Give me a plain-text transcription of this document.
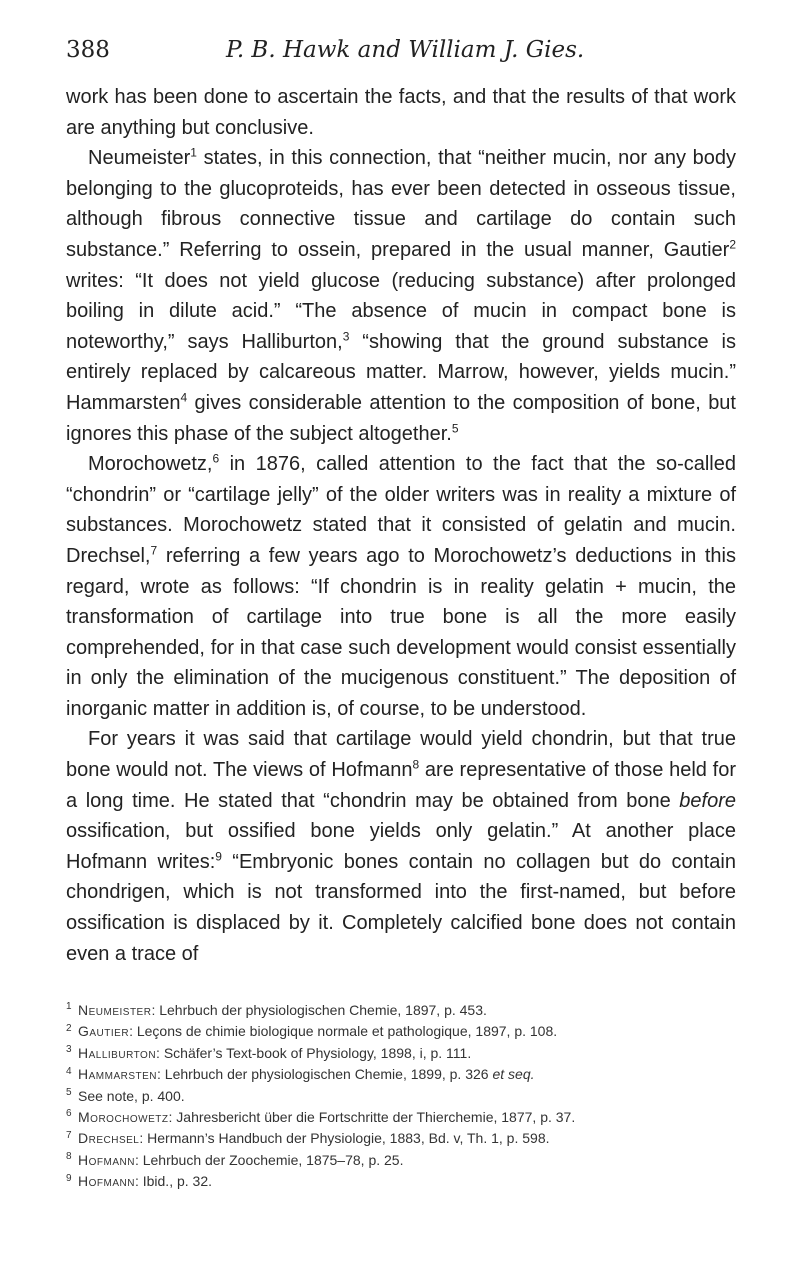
388	P. B. Hawk and William J. Gies.

work has been done to ascertain the facts, and that the results of that work are anything but conclusive.

Neumeister$^1$ states, in this connection, that “neither mucin, nor any body belonging to the glucoproteids, has ever been detected in osseous tissue, although fibrous connective tissue and cartilage do contain such substance.” Referring to ossein, prepared in the usual manner, Gautier$^2$ writes: “It does not yield glucose (reducing substance) after prolonged boiling in dilute acid.” “The absence of mucin in compact bone is noteworthy,” says Halliburton,$^3$ “showing that the ground substance is entirely replaced by calcareous matter. Marrow, however, yields mucin.” Hammarsten$^4$ gives considerable attention to the composition of bone, but ignores this phase of the subject altogether.$^5$

Morochowetz,$^6$ in 1876, called attention to the fact that the so-called “chondrin” or “cartilage jelly” of the older writers was in reality a mixture of substances. Morochowetz stated that it consisted of gelatin and mucin. Drechsel,$^7$ referring a few years ago to Morochowetz’s deductions in this regard, wrote as follows: “If chondrin is in reality gelatin + mucin, the transformation of cartilage into true bone is all the more easily comprehended, for in that case such development would consist essentially in only the elimination of the mucigenous constituent.” The deposition of inorganic matter in addition is, of course, to be understood.

For years it was said that cartilage would yield chondrin, but that true bone would not. The views of Hofmann$^8$ are representative of those held for a long time. He stated that “chondrin may be obtained from bone before ossification, but ossified bone yields only gelatin.” At another place Hofmann writes:$^9$ “Embryonic bones contain no collagen but do contain chondrigen, which is not transformed into the first-named, but before ossification is displaced by it. Completely calcified bone does not contain even a trace of

$^1$ Neumeister: Lehrbuch der physiologischen Chemie, 1897, p. 453.
$^2$ Gautier: Leçons de chimie biologique normale et pathologique, 1897, p. 108.
$^3$ Halliburton: Schäfer’s Text-book of Physiology, 1898, i, p. 111.
$^4$ Hammarsten: Lehrbuch der physiologischen Chemie, 1899, p. 326 et seq.
$^5$ See note, p. 400.
$^6$ Morochowetz: Jahresbericht über die Fortschritte der Thierchemie, 1877, p. 37.
$^7$ Drechsel: Hermann’s Handbuch der Physiologie, 1883, Bd. v, Th. 1, p. 598.
$^8$ Hofmann: Lehrbuch der Zoochemie, 1875–78, p. 25.
$^9$ Hofmann: Ibid., p. 32.
